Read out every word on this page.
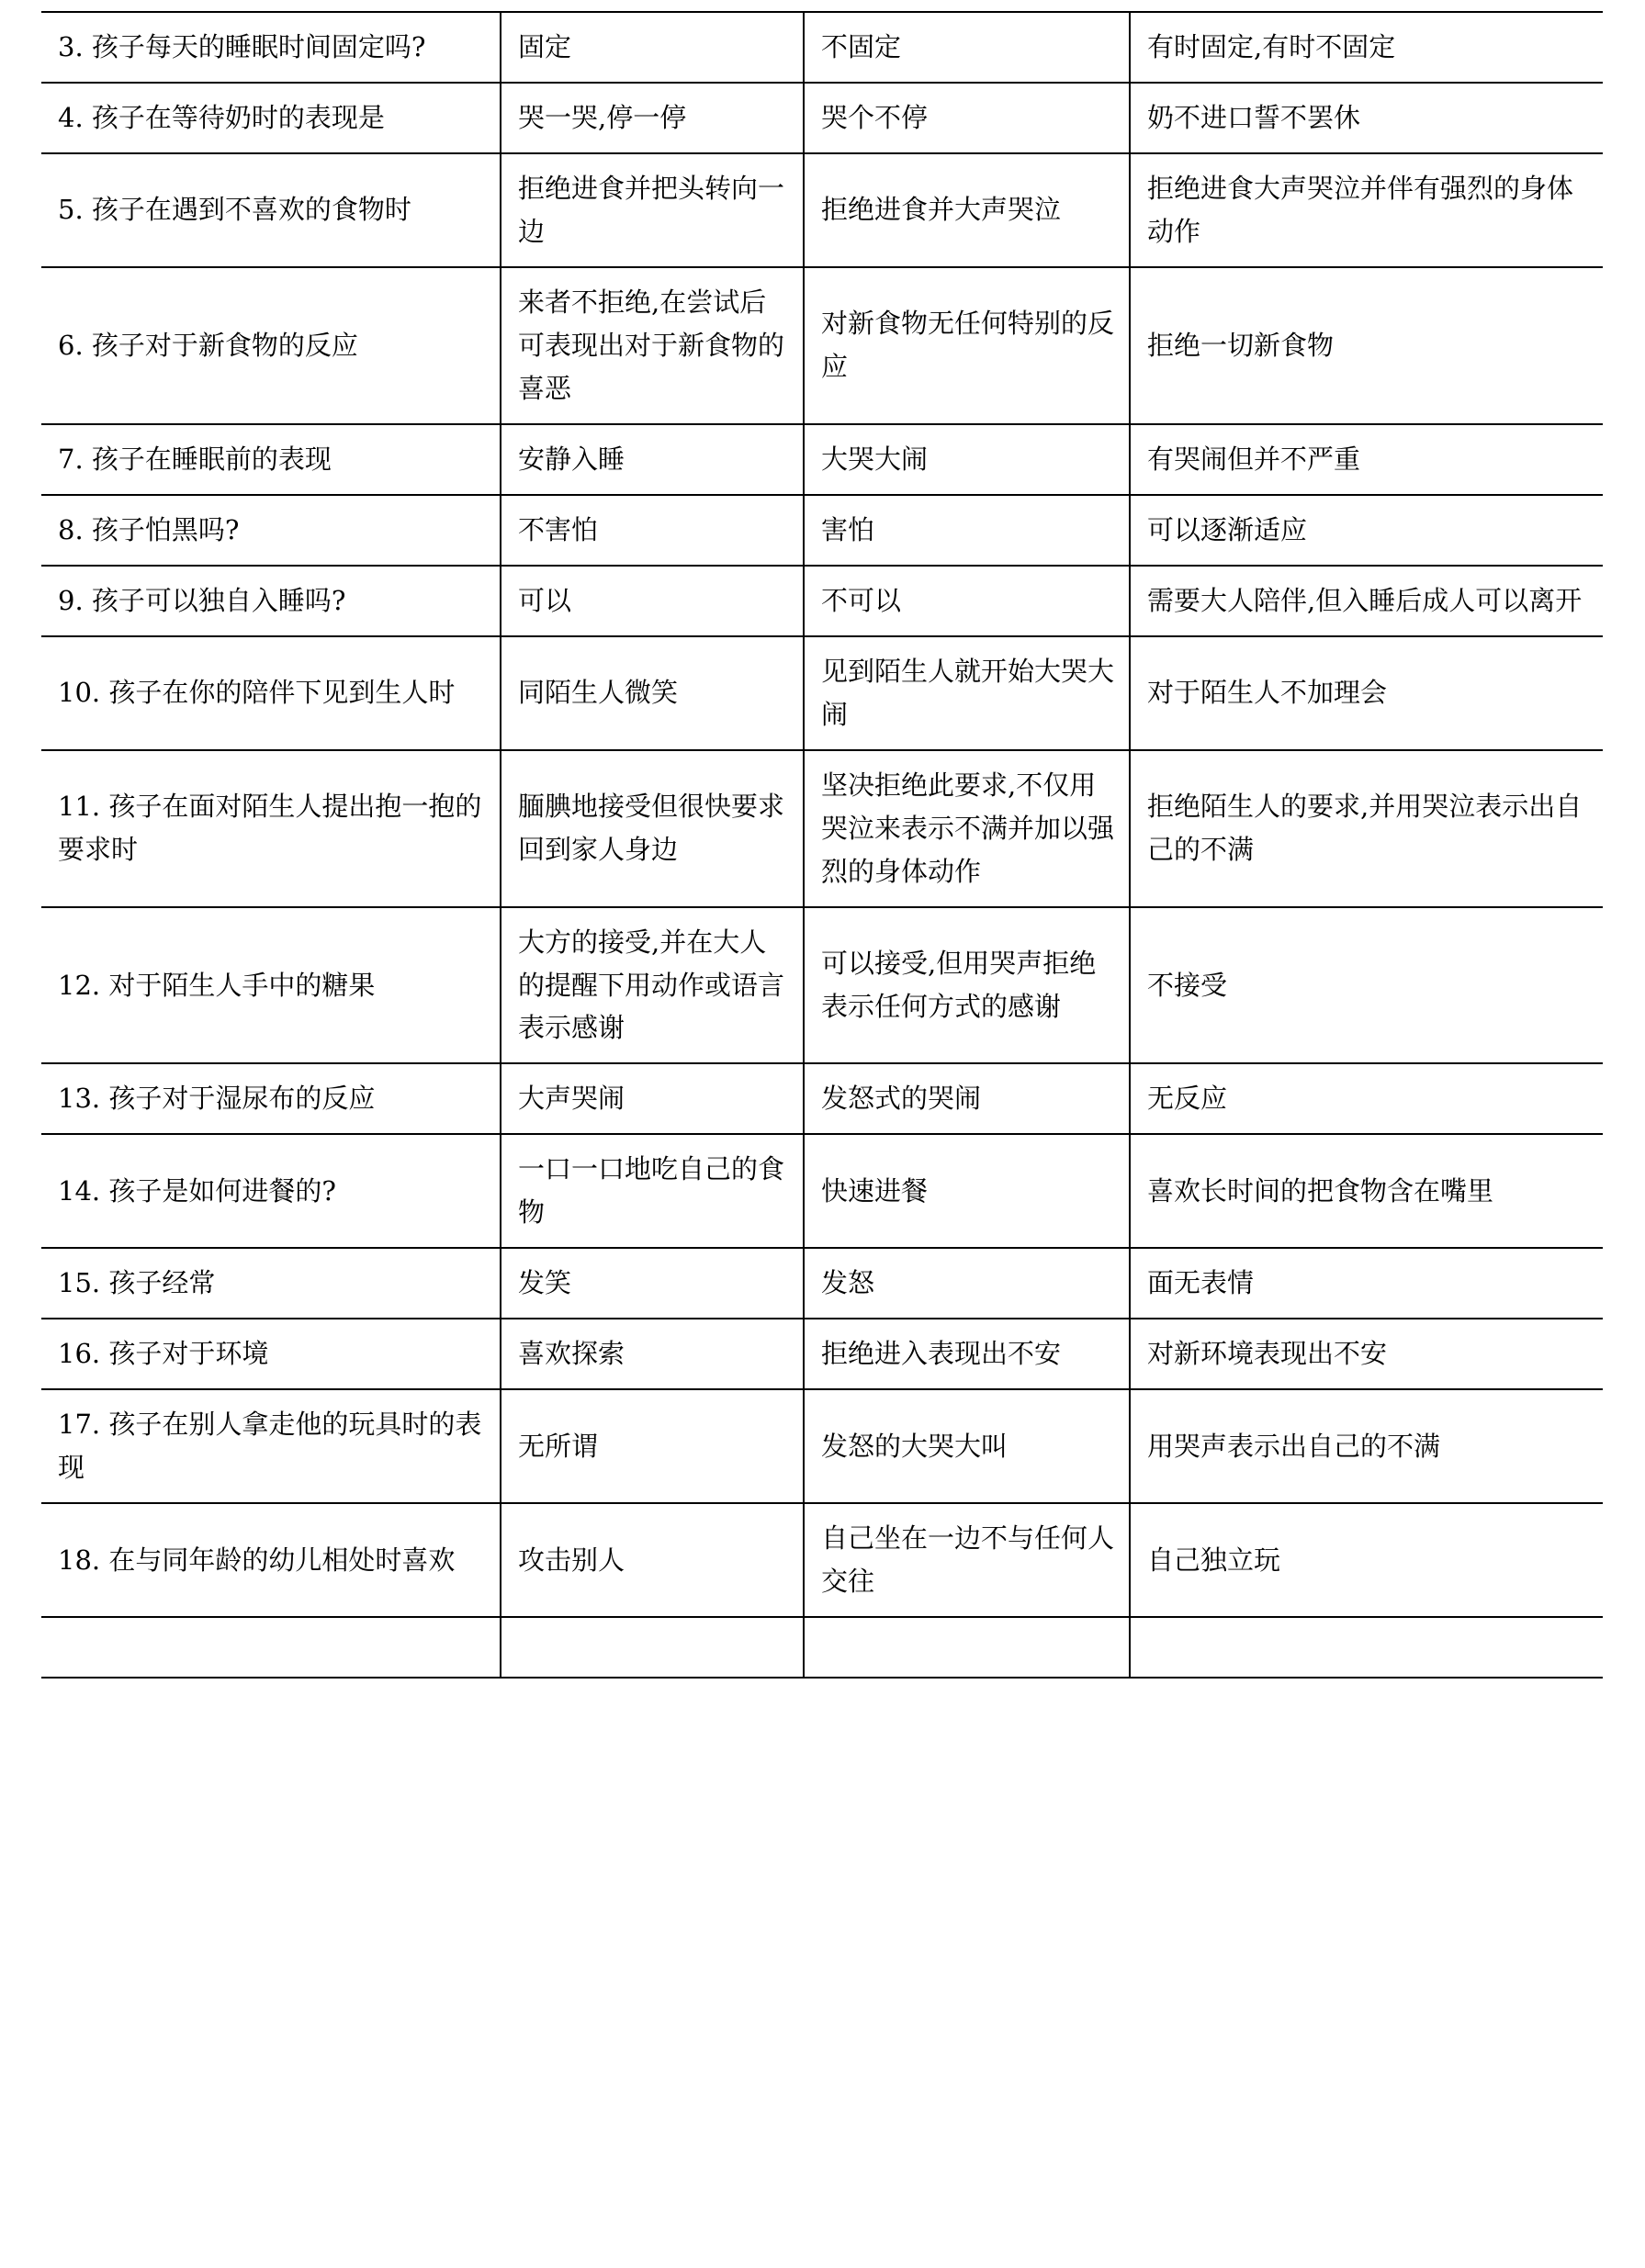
3. 孩子每天的睡眠时间固定吗?	固定	不固定	有时固定,有时不固定
4. 孩子在等待奶时的表现是	哭一哭,停一停	哭个不停	奶不进口誓不罢休
5. 孩子在遇到不喜欢的食物时	拒绝进食并把头转向一边	拒绝进食并大声哭泣	拒绝进食大声哭泣并伴有强烈的身体动作
6. 孩子对于新食物的反应	来者不拒绝,在尝试后可表现出对于新食物的喜恶	对新食物无任何特别的反应	拒绝一切新食物
7. 孩子在睡眠前的表现	安静入睡	大哭大闹	有哭闹但并不严重
8. 孩子怕黑吗?	不害怕	害怕	可以逐渐适应
9. 孩子可以独自入睡吗?	可以	不可以	需要大人陪伴,但入睡后成人可以离开
10. 孩子在你的陪伴下见到生人时	同陌生人微笑	见到陌生人就开始大哭大闹	对于陌生人不加理会
11. 孩子在面对陌生人提出抱一抱的要求时	腼腆地接受但很快要求回到家人身边	坚决拒绝此要求,不仅用哭泣来表示不满并加以强烈的身体动作	拒绝陌生人的要求,并用哭泣表示出自己的不满
12. 对于陌生人手中的糖果	大方的接受,并在大人的提醒下用动作或语言表示感谢	可以接受,但用哭声拒绝表示任何方式的感谢	不接受
13. 孩子对于湿尿布的反应	大声哭闹	发怒式的哭闹	无反应
14. 孩子是如何进餐的?	一口一口地吃自己的食物	快速进餐	喜欢长时间的把食物含在嘴里
15. 孩子经常	发笑	发怒	面无表情
16. 孩子对于环境	喜欢探索	拒绝进入表现出不安	对新环境表现出不安
17. 孩子在别人拿走他的玩具时的表现	无所谓	发怒的大哭大叫	用哭声表示出自己的不满
18. 在与同年龄的幼儿相处时喜欢	攻击别人	自己坐在一边不与任何人交往	自己独立玩
